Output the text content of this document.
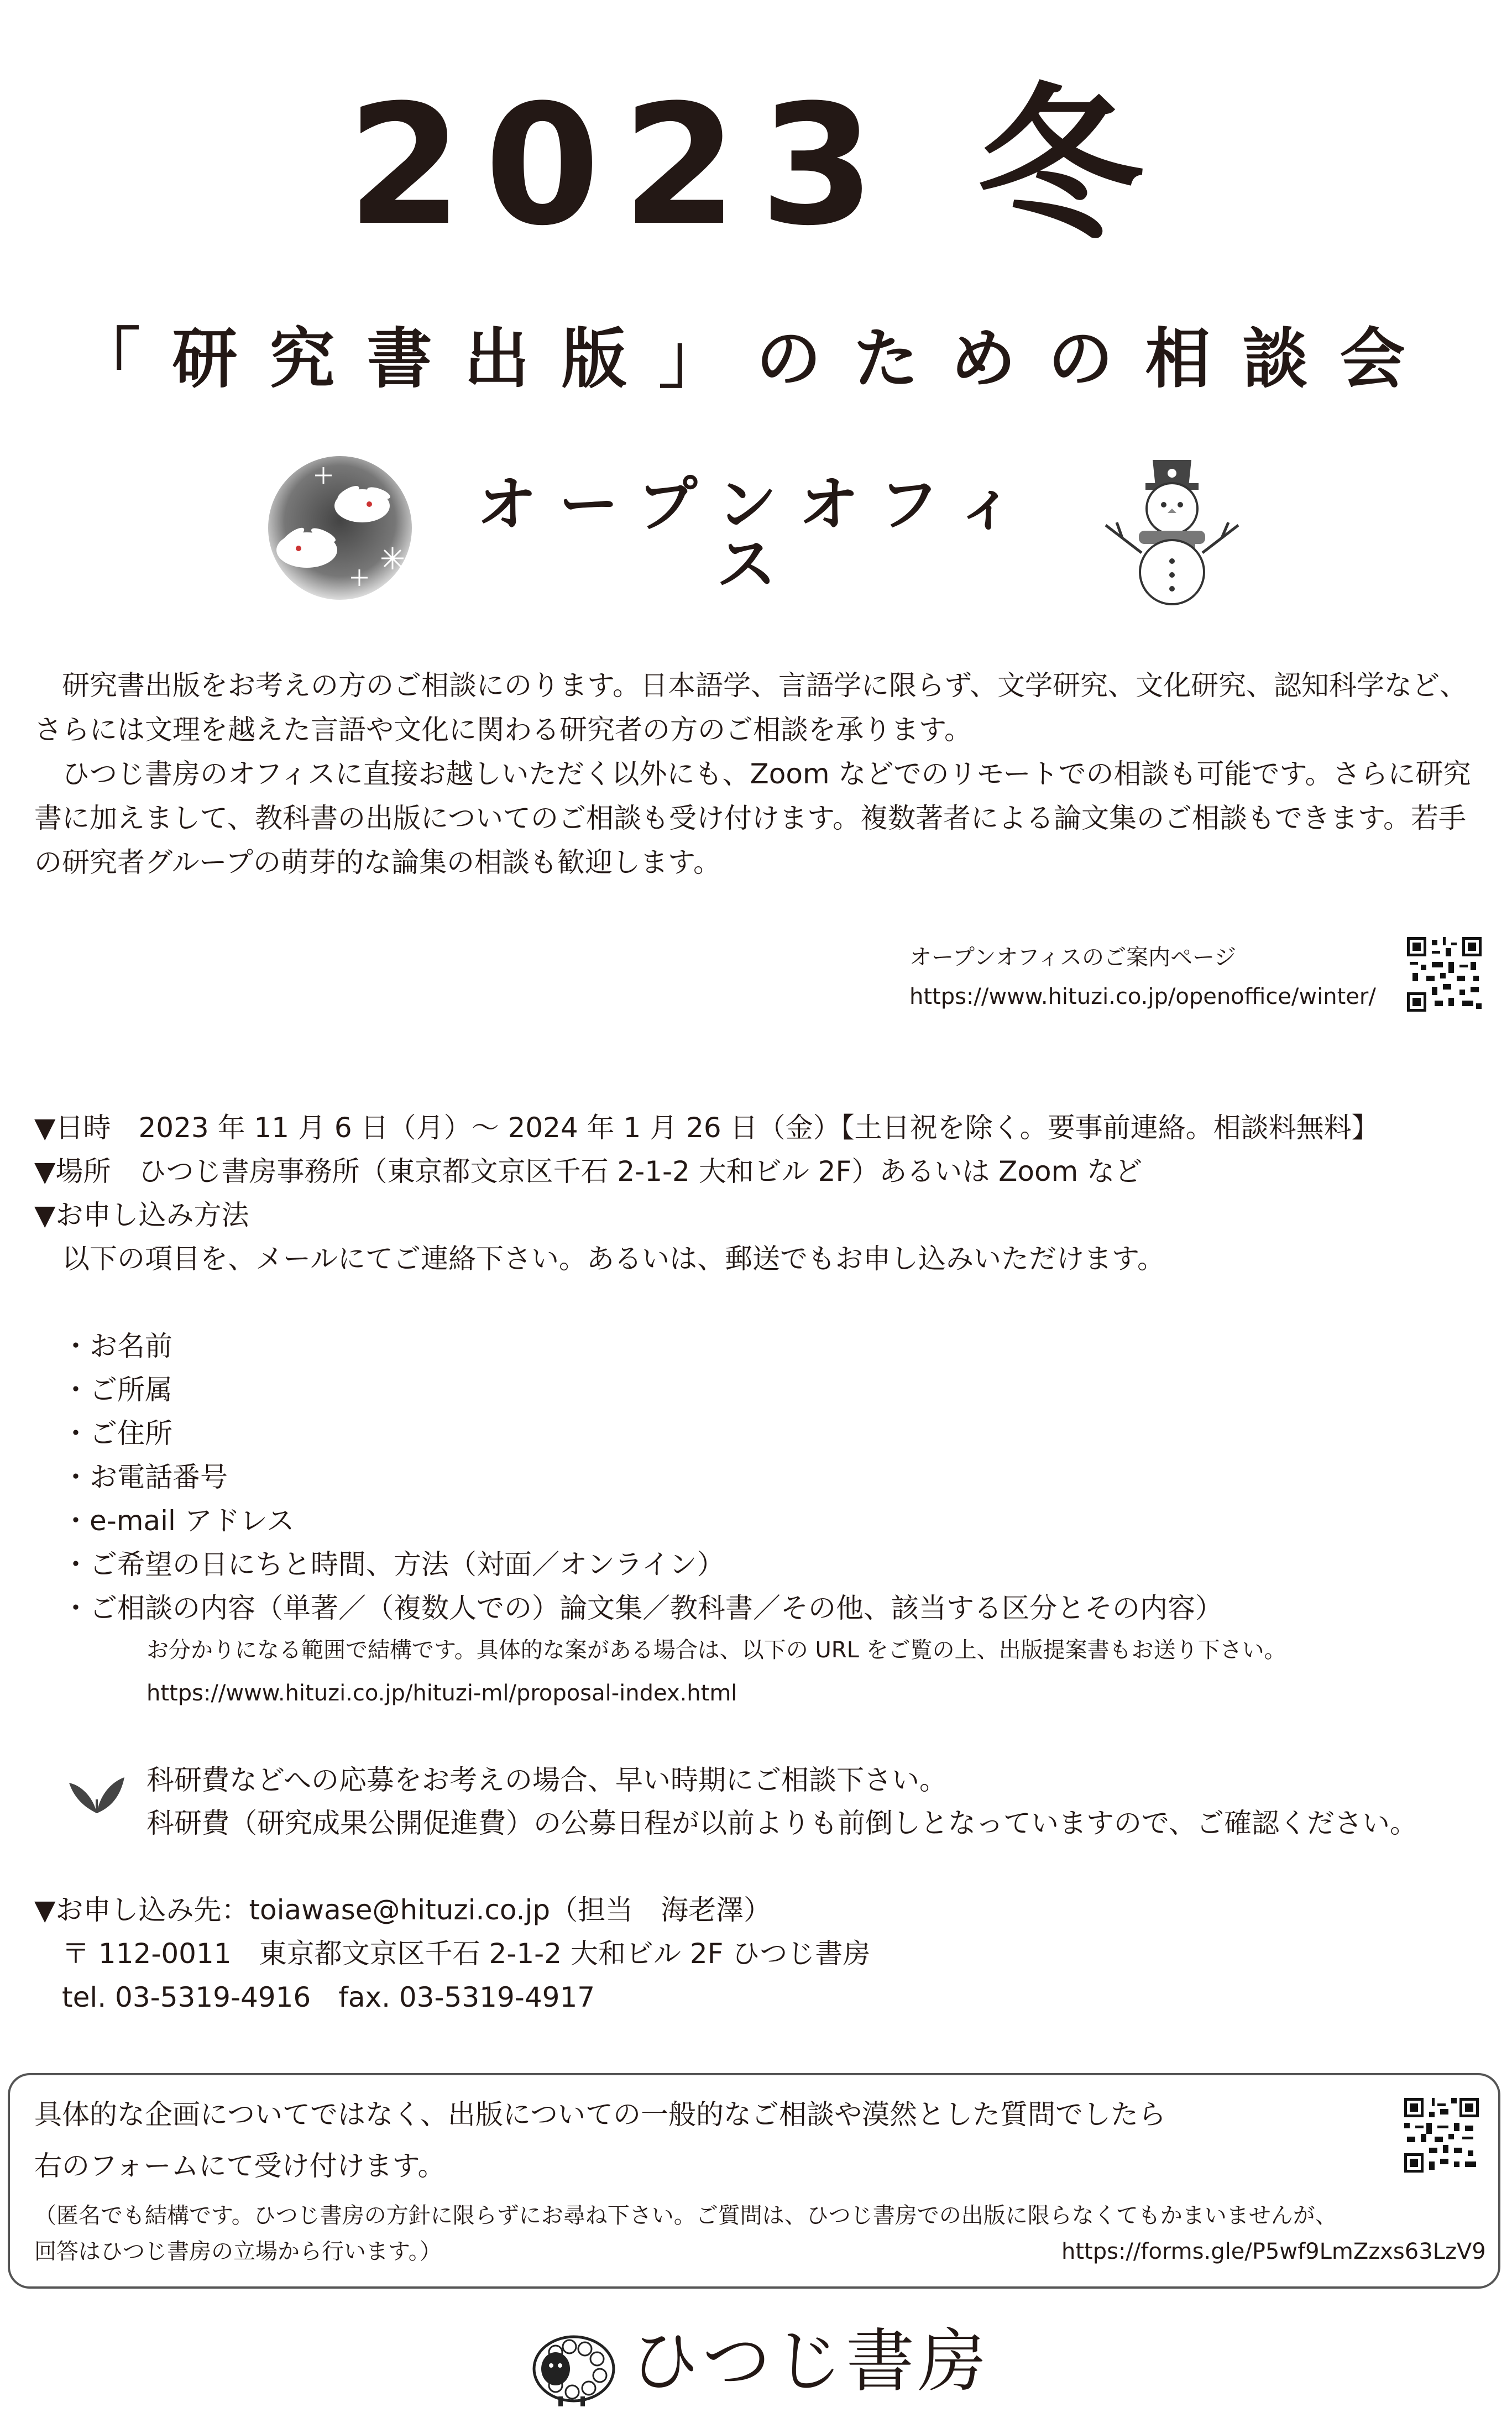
2023 冬
「研究書出版」のための相談会
オープンオフィス

　研究書出版をお考えの方のご相談にのります。日本語学、言語学に限らず、文学研究、文化研究、認知科学など、さらには文理を越えた言語や文化に関わる研究者の方のご相談を承ります。

　ひつじ書房のオフィスに直接お越しいただく以外にも、Zoom などでのリモートでの相談も可能です。さらに研究書に加えまして、教科書の出版についてのご相談も受け付けます。複数著者による論文集のご相談もできます。若手の研究者グループの萌芽的な論集の相談も歓迎します。

オープンオフィスのご案内ページ
https://www.hituzi.co.jp/openoffice/winter/
▼日時　2023 年 11 月 6 日（月）～ 2024 年 1 月 26 日（金）【土日祝を除く。要事前連絡。相談料無料】
▼場所　ひつじ書房事務所（東京都文京区千石 2-1-2 大和ビル 2F）あるいは Zoom など
▼お申し込み方法
　以下の項目を、メールにてご連絡下さい。あるいは、郵送でもお申し込みいただけます。
・お名前
・ご所属
・ご住所
・お電話番号
・e-mail アドレス
・ご希望の日にちと時間、方法（対面／オンライン）
・ご相談の内容（単著／（複数人での）論文集／教科書／その他、該当する区分とその内容）
お分かりになる範囲で結構です。具体的な案がある場合は、以下の URL をご覧の上、出版提案書もお送り下さい。
https://www.hituzi.co.jp/hituzi-ml/proposal-index.html
科研費などへの応募をお考えの場合、早い時期にご相談下さい。
科研費（研究成果公開促進費）の公募日程が以前よりも前倒しとなっていますので、ご確認ください。
▼お申し込み先：toiawase@hituzi.co.jp（担当　海老澤）
　〒 112-0011　東京都文京区千石 2-1-2 大和ビル 2F ひつじ書房
　tel. 03-5319-4916　fax. 03-5319-4917
具体的な企画についてではなく、出版についての一般的なご相談や漠然とした質問でしたら
右のフォームにて受け付けます。
（匿名でも結構です。ひつじ書房の方針に限らずにお尋ね下さい。ご質問は、ひつじ書房での出版に限らなくてもかまいませんが、
回答はひつじ書房の立場から行います。）	https://forms.gle/P5wf9LmZzxs63LzV9
ひつじ書房
